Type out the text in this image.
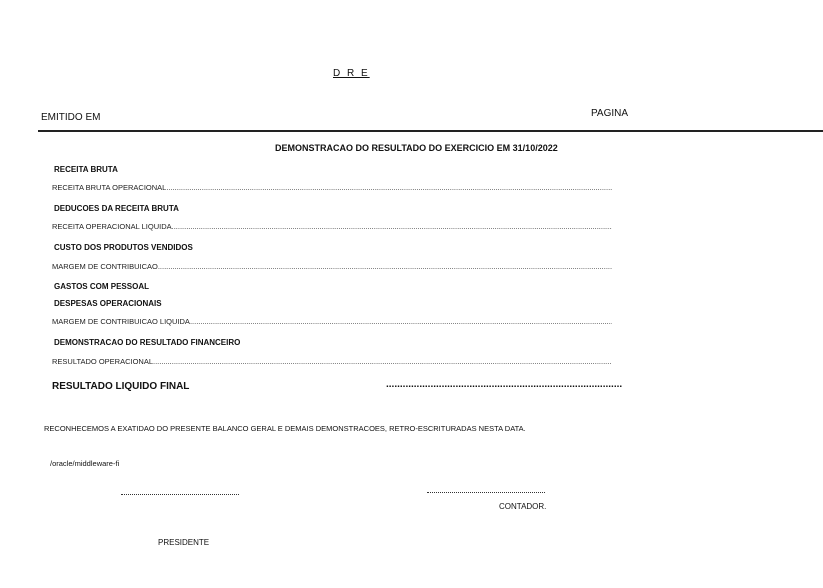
D R E
EMITIDO EM	PAGINA
DEMONSTRACAO DO RESULTADO DO EXERCICIO EM 31/10/2022
RECEITA BRUTA
RECEITA BRUTA OPERACIONAL .....
DEDUCOES DA RECEITA BRUTA
RECEITA OPERACIONAL LIQUIDA .....
CUSTO DOS PRODUTOS VENDIDOS
MARGEM DE CONTRIBUICAO .....
GASTOS COM PESSOAL
DESPESAS OPERACIONAIS
MARGEM DE CONTRIBUICAO LIQUIDA .....
DEMONSTRACAO DO RESULTADO FINANCEIRO
RESULTADO OPERACIONAL .....
RESULTADO LIQUIDO FINAL
.....
RECONHECEMOS A EXATIDAO DO PRESENTE BALANCO GERAL E DEMAIS DEMONSTRACOES, RETRO-ESCRITURADAS NESTA DATA.
/oracle/middleware-fi
CONTADOR.
PRESIDENTE
